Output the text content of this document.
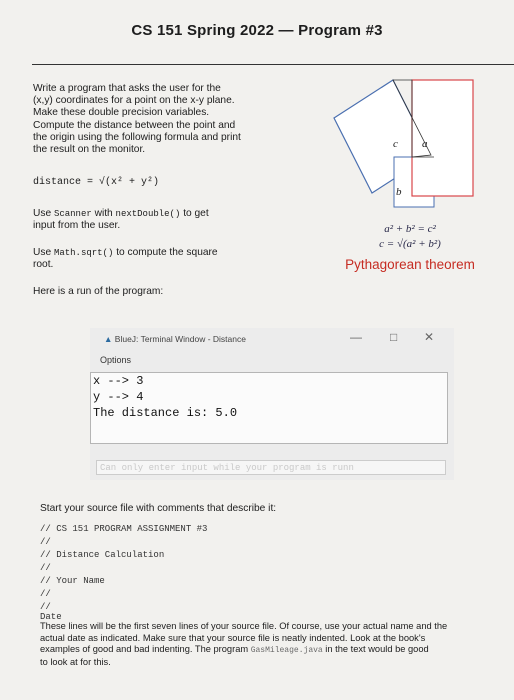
CS 151 Spring 2022 — Program #3
Write a program that asks the user for the
(x,y) coordinates for a point on the x-y plane.
Make these double precision variables.
Compute the distance between the point and
the origin using the following formula and print
the result on the monitor.
distance = √(x² + y²)
Use Scanner with nextDouble() to get
input from the user.
Use Math.sqrt() to compute the square
root.
Here is a run of the program:
c a
b
a² + b² = c²
c = √(a² + b²)
Pythagorean theorem
▲ BlueJ: Terminal Window - Distance	— □ ✕
Options
x --> 3
y --> 4
The distance is: 5.0
Can only enter input while your program is runn
Start your source file with comments that describe it:
// CS 151 PROGRAM ASSIGNMENT #3
//
// Distance Calculation
//
// Your Name
//
// Date
These lines will be the first seven lines of your source file. Of course, use your actual name and the
actual date as indicated. Make sure that your source file is neatly indented. Look at the book's
examples of good and bad indenting. The program GasMileage.java in the text would be good
to look at for this.
